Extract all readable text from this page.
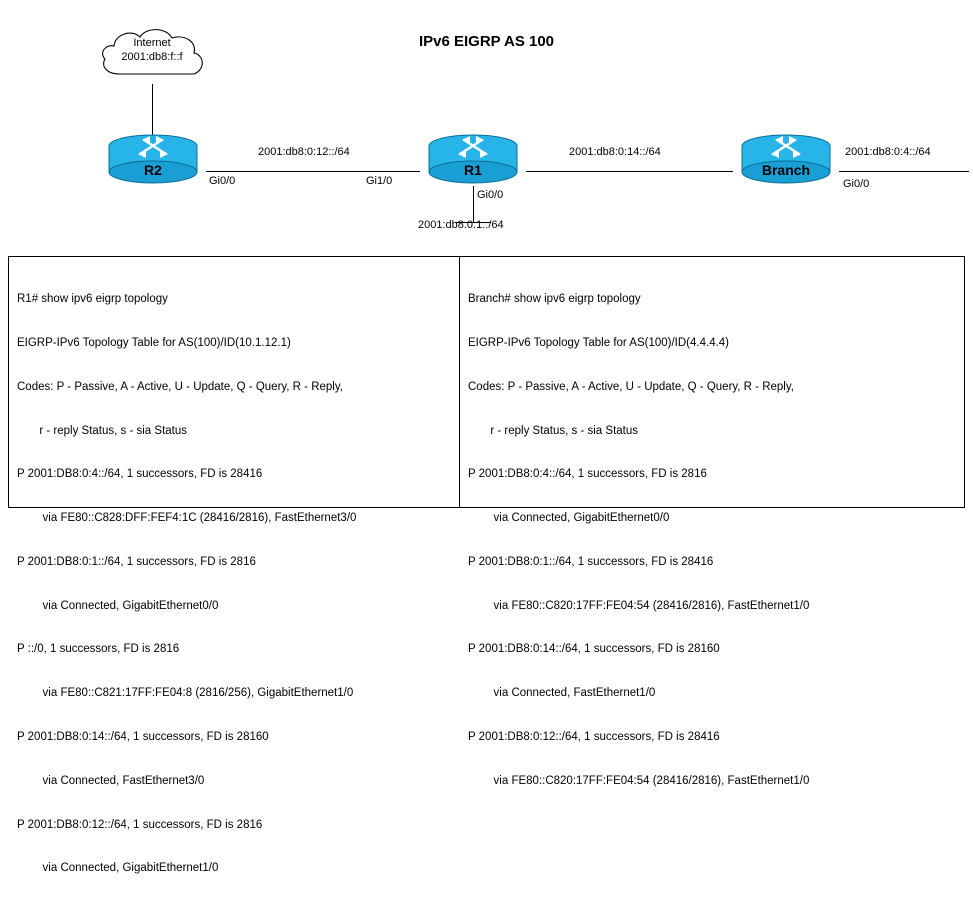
IPv6 EIGRP AS 100
Internet
2001:db8:f::f
R2	R1	Branch
2001:db8:0:12::/64	2001:db8:0:14::/64	2001:db8:0:4::/64
2001:db8:0:1::/64
Gi0/0	Gi1/0
Gi0/0
Gi0/0

R1# show ipv6 eigrp topology

EIGRP-IPv6 Topology Table for AS(100)/ID(10.1.12.1)

Codes: P - Passive, A - Active, U - Update, Q - Query, R - Reply,

r - reply Status, s - sia Status

P 2001:DB8:0:4::/64, 1 successors, FD is 28416

via FE80::C828:DFF:FEF4:1C (28416/2816), FastEthernet3/0

P 2001:DB8:0:1::/64, 1 successors, FD is 2816

via Connected, GigabitEthernet0/0

P ::/0, 1 successors, FD is 2816

via FE80::C821:17FF:FE04:8 (2816/256), GigabitEthernet1/0

P 2001:DB8:0:14::/64, 1 successors, FD is 28160

via Connected, FastEthernet3/0

P 2001:DB8:0:12::/64, 1 successors, FD is 2816

via Connected, GigabitEthernet1/0

Branch# show ipv6 eigrp topology

EIGRP-IPv6 Topology Table for AS(100)/ID(4.4.4.4)

Codes: P - Passive, A - Active, U - Update, Q - Query, R - Reply,

r - reply Status, s - sia Status

P 2001:DB8:0:4::/64, 1 successors, FD is 2816

via Connected, GigabitEthernet0/0

P 2001:DB8:0:1::/64, 1 successors, FD is 28416

via FE80::C820:17FF:FE04:54 (28416/2816), FastEthernet1/0

P 2001:DB8:0:14::/64, 1 successors, FD is 28160

via Connected, FastEthernet1/0

P 2001:DB8:0:12::/64, 1 successors, FD is 28416

via FE80::C820:17FF:FE04:54 (28416/2816), FastEthernet1/0
